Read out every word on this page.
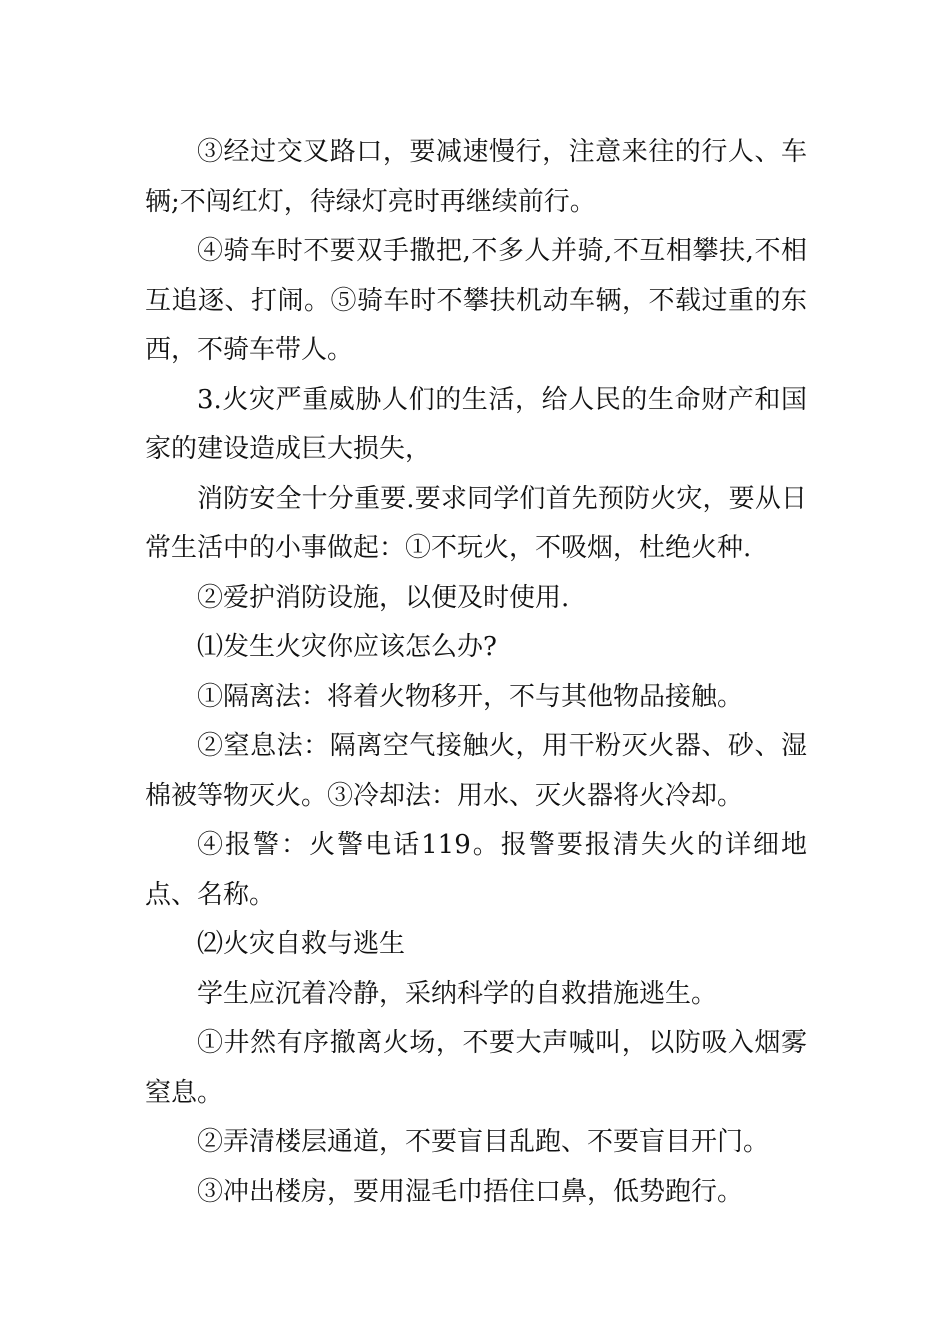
③经过交叉路口，要减速慢行，注意来往的行人、车辆;不闯红灯，待绿灯亮时再继续前行。

④骑车时不要双手撒把,不多人并骑,不互相攀扶,不相互追逐、打闹。⑤骑车时不攀扶机动车辆，不载过重的东西，不骑车带人。

3.火灾严重威胁人们的生活，给人民的生命财产和国家的建设造成巨大损失，

消防安全十分重要.要求同学们首先预防火灾，要从日常生活中的小事做起：①不玩火，不吸烟，杜绝火种.

②爱护消防设施，以便及时使用.

⑴发生火灾你应该怎么办?

①隔离法：将着火物移开，不与其他物品接触。

②窒息法：隔离空气接触火，用干粉灭火器、砂、湿棉被等物灭火。③冷却法：用水、灭火器将火冷却。

④报警：火警电话119。报警要报清失火的详细地点、名称。

⑵火灾自救与逃生

学生应沉着冷静，采纳科学的自救措施逃生。

①井然有序撤离火场，不要大声喊叫，以防吸入烟雾窒息。

②弄清楼层通道，不要盲目乱跑、不要盲目开门。

③冲出楼房，要用湿毛巾捂住口鼻，低势跑行。
